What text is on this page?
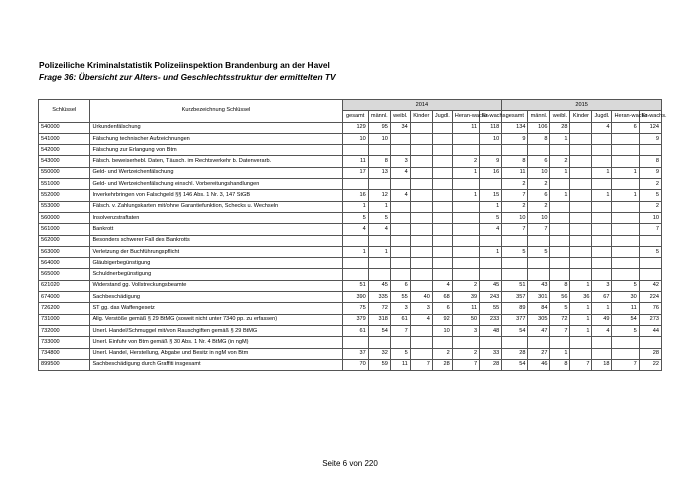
Polizeiliche Kriminalstatistik Polizeiinspektion Brandenburg an der Havel
Frage 36: Übersicht zur Alters- und Geschlechtsstruktur der ermittelten TV
Schlüssel	Kurzbezeichnung Schlüssel	2014							2015						
		gesamt	männl.	weibl.	Kinder	Jugdl.	Heran-wachs.	Er-wachs.	gesamt	männl.	weibl.	Kinder	Jugdl.	Heran-wachs.	Er-wachs.
540000	Urkundenfälschung	129	95	34			11	118	134	106	28		4	6	124
541000	Fälschung technischer Aufzeichnungen	10	10					10	9	8	1				9
542000	Fälschung zur Erlangung von Btm														
543000	Fälsch. beweiserhebl. Daten, Täusch. im Rechtsverkehr b. Datenverarb.	11	8	3			2	9	8	6	2				8
550000	Geld- und Wertzeichenfälschung	17	13	4			1	16	11	10	1		1	1	9
551000	Geld- und Wertzeichenfälschung einschl. Vorbereitungshandlungen								2	2					2
552000	Inverkehrbringen von Falschgeld §§ 146 Abs. 1 Nr. 3, 147 StGB	16	12	4			1	15	7	6	1		1	1	5
553000	Fälsch. v. Zahlungskarten mit/ohne Garantiefunktion, Schecks u. Wechseln	1	1					1	2	2					2
560000	Insolvenzstraftaten	5	5					5	10	10					10
561000	Bankrott	4	4					4	7	7					7
562000	Besonders schwerer Fall des Bankrotts														
563000	Verletzung der Buchführungspflicht	1	1					1	5	5					5
564000	Gläubigerbegünstigung														
565000	Schuldnerbegünstigung														
621020	Widerstand gg. Vollstreckungsbeamte	51	45	6		4	2	45	51	43	8	1	3	5	42
674000	Sachbeschädigung	390	335	55	40	68	39	243	357	301	56	36	67	30	224
726200	ST gg. das Waffengesetz	75	72	3	3	6	11	55	89	84	5	1	1	11	76
731000	Allg. Verstöße gemäß § 29 BtMG (soweit nicht unter 7340 pp. zu erfassen)	379	318	61	4	92	50	233	377	305	72	1	49	54	273
732000	Unerl. Handel/Schmuggel mit/von Rauschgiften gemäß § 29 BtMG	61	54	7		10	3	48	54	47	7	1	4	5	44
733000	Unerl. Einfuhr von Btm gemäß § 30 Abs. 1 Nr. 4 BtMG (in ngM)														
734800	Unerl. Handel, Herstellung, Abgabe und Besitz in ngM von Btm	37	32	5		2	2	33	28	27	1				28
899500	Sachbeschädigung durch Graffiti insgesamt	70	59	11	7	28	7	28	54	46	8	7	18	7	22
Seite 6 von 220
